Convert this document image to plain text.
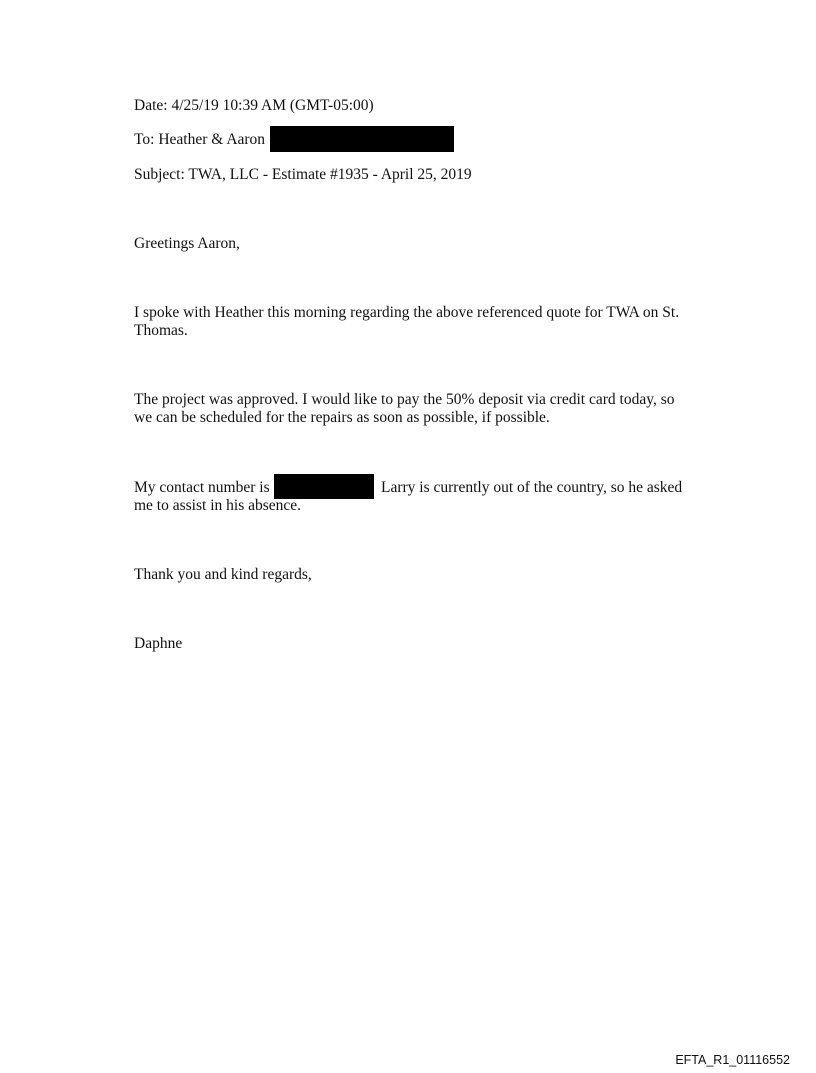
Date: 4/25/19 10:39 AM (GMT-05:00)
To: Heather & Aaron
Subject: TWA, LLC - Estimate #1935 - April 25, 2019
Greetings Aaron,
I spoke with Heather this morning regarding the above referenced quote for TWA on St.
Thomas.
The project was approved. I would like to pay the 50% deposit via credit card today, so
we can be scheduled for the repairs as soon as possible, if possible.
My contact number is	Larry is currently out of the country, so he asked
me to assist in his absence.
Thank you and kind regards,
Daphne
EFTA_R1_01116552
